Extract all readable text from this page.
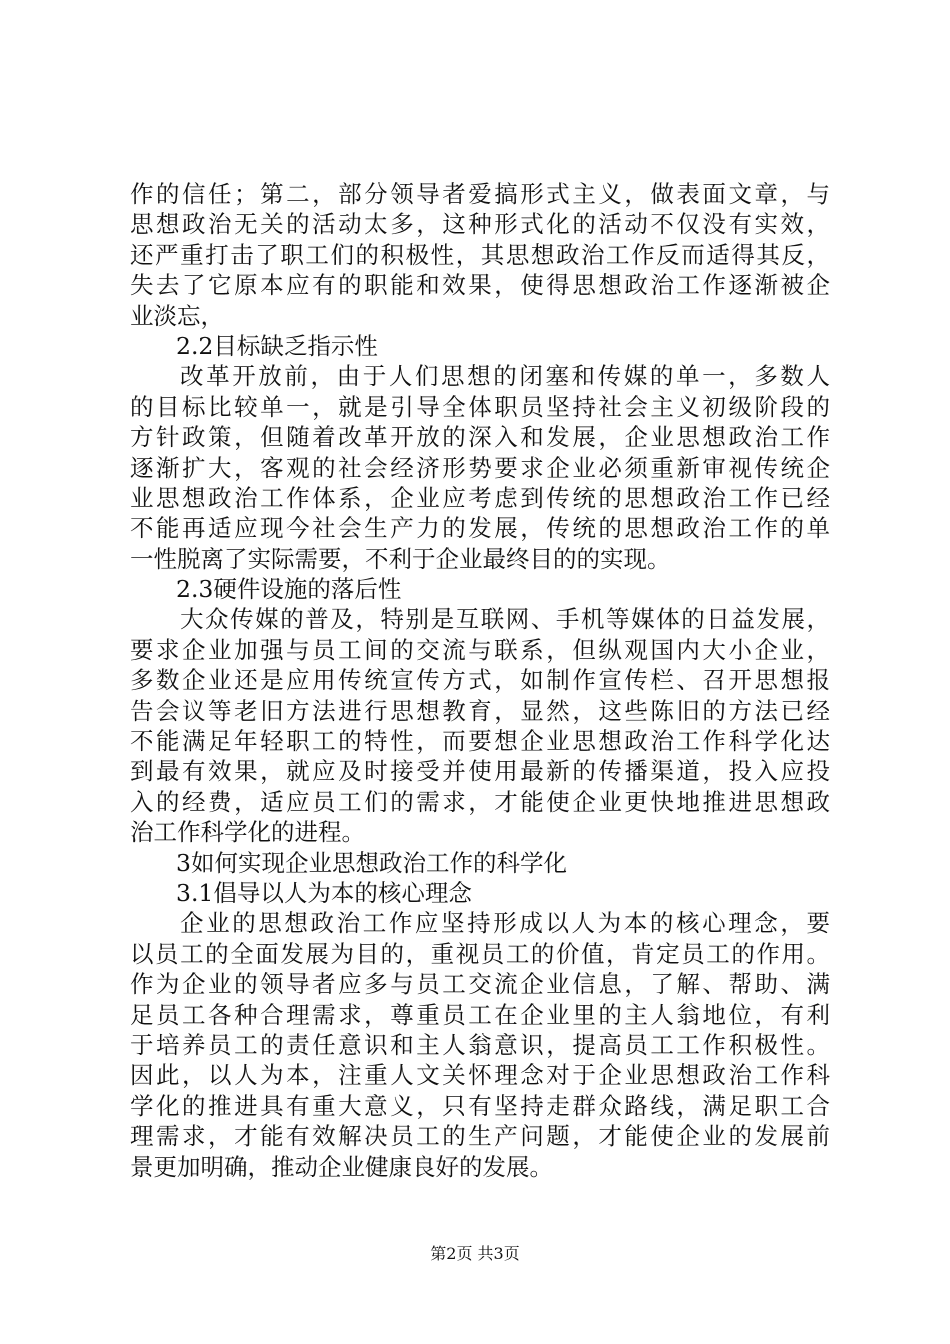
作的信任；第二，部分领导者爱搞形式主义，做表面文章，与
思想政治无关的活动太多，这种形式化的活动不仅没有实效，
还严重打击了职工们的积极性，其思想政治工作反而适得其反，
失去了它原本应有的职能和效果，使得思想政治工作逐渐被企
业淡忘，
2.2目标缺乏指示性
改革开放前，由于人们思想的闭塞和传媒的单一，多数人
的目标比较单一，就是引导全体职员坚持社会主义初级阶段的
方针政策，但随着改革开放的深入和发展，企业思想政治工作
逐渐扩大，客观的社会经济形势要求企业必须重新审视传统企
业思想政治工作体系，企业应考虑到传统的思想政治工作已经
不能再适应现今社会生产力的发展，传统的思想政治工作的单
一性脱离了实际需要，不利于企业最终目的的实现。
2.3硬件设施的落后性
大众传媒的普及，特别是互联网、手机等媒体的日益发展，
要求企业加强与员工间的交流与联系，但纵观国内大小企业，
多数企业还是应用传统宣传方式，如制作宣传栏、召开思想报
告会议等老旧方法进行思想教育，显然，这些陈旧的方法已经
不能满足年轻职工的特性，而要想企业思想政治工作科学化达
到最有效果，就应及时接受并使用最新的传播渠道，投入应投
入的经费，适应员工们的需求，才能使企业更快地推进思想政
治工作科学化的进程。
3如何实现企业思想政治工作的科学化
3.1倡导以人为本的核心理念
企业的思想政治工作应坚持形成以人为本的核心理念，要
以员工的全面发展为目的，重视员工的价值，肯定员工的作用。
作为企业的领导者应多与员工交流企业信息，了解、帮助、满
足员工各种合理需求，尊重员工在企业里的主人翁地位，有利
于培养员工的责任意识和主人翁意识，提高员工工作积极性。
因此，以人为本，注重人文关怀理念对于企业思想政治工作科
学化的推进具有重大意义，只有坚持走群众路线，满足职工合
理需求，才能有效解决员工的生产问题，才能使企业的发展前
景更加明确，推动企业健康良好的发展。
第2页 共3页
